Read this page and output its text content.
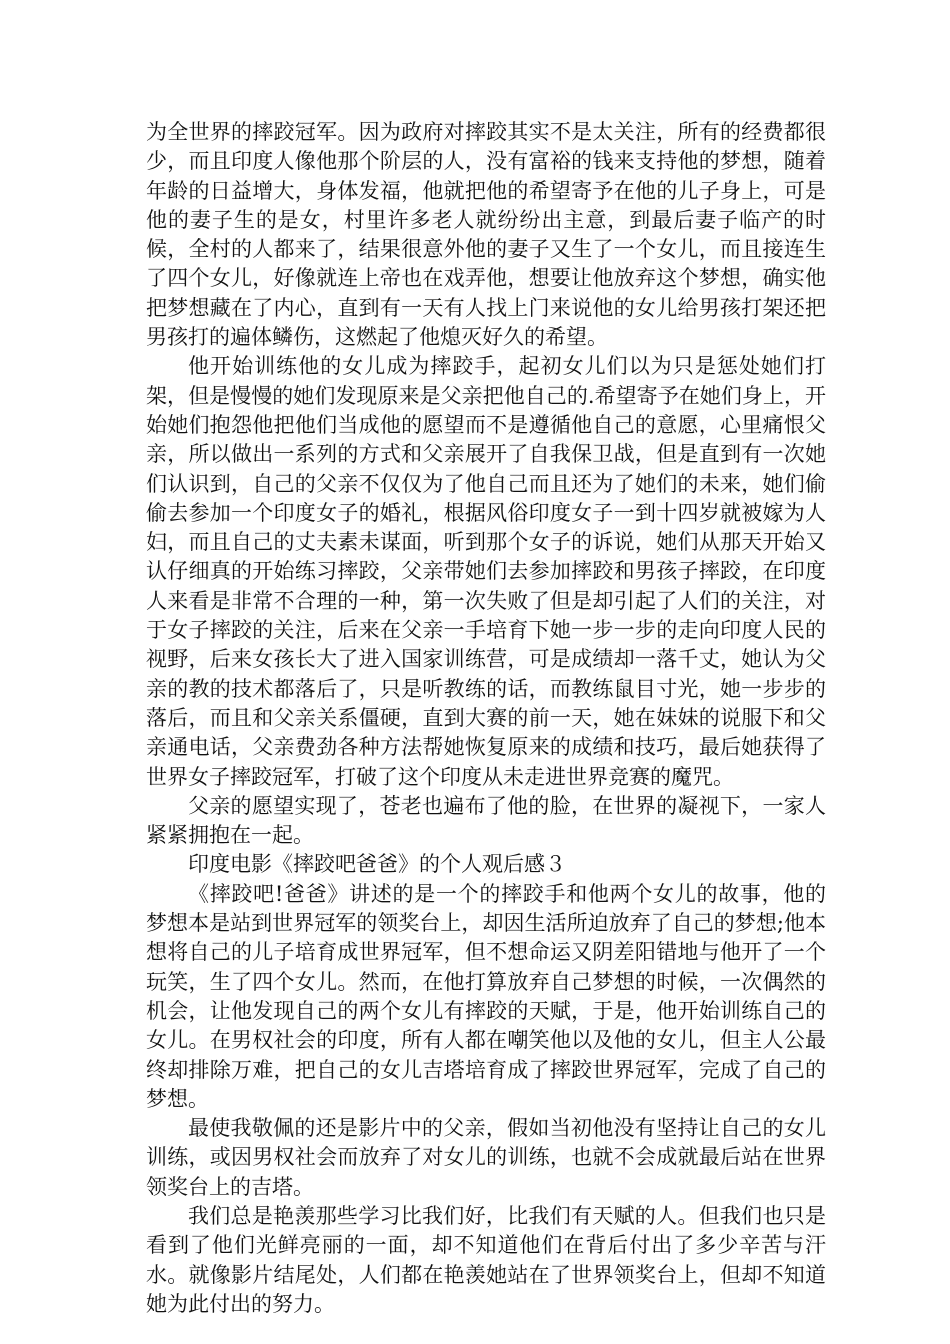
为全世界的摔跤冠军。因为政府对摔跤其实不是太关注，所有的经费都很少，而且印度人像他那个阶层的人，没有富裕的钱来支持他的梦想，随着年龄的日益增大，身体发福，他就把他的希望寄予在他的儿子身上，可是他的妻子生的是女，村里许多老人就纷纷出主意，到最后妻子临产的时候，全村的人都来了，结果很意外他的妻子又生了一个女儿，而且接连生了四个女儿，好像就连上帝也在戏弄他，想要让他放弃这个梦想，确实他把梦想藏在了内心，直到有一天有人找上门来说他的女儿给男孩打架还把男孩打的遍体鳞伤，这燃起了他熄灭好久的希望。

他开始训练他的女儿成为摔跤手，起初女儿们以为只是惩处她们打架，但是慢慢的她们发现原来是父亲把他自己的.希望寄予在她们身上，开始她们抱怨他把他们当成他的愿望而不是遵循他自己的意愿，心里痛恨父亲，所以做出一系列的方式和父亲展开了自我保卫战，但是直到有一次她们认识到，自己的父亲不仅仅为了他自己而且还为了她们的未来，她们偷偷去参加一个印度女子的婚礼，根据风俗印度女子一到十四岁就被嫁为人妇，而且自己的丈夫素未谋面，听到那个女子的诉说，她们从那天开始又认仔细真的开始练习摔跤，父亲带她们去参加摔跤和男孩子摔跤，在印度人来看是非常不合理的一种，第一次失败了但是却引起了人们的关注，对于女子摔跤的关注，后来在父亲一手培育下她一步一步的走向印度人民的视野，后来女孩长大了进入国家训练营，可是成绩却一落千丈，她认为父亲的教的技术都落后了，只是听教练的话，而教练鼠目寸光，她一步步的落后，而且和父亲关系僵硬，直到大赛的前一天，她在妹妹的说服下和父亲通电话，父亲费劲各种方法帮她恢复原来的成绩和技巧，最后她获得了世界女子摔跤冠军，打破了这个印度从未走进世界竞赛的魔咒。

父亲的愿望实现了，苍老也遍布了他的脸，在世界的凝视下，一家人紧紧拥抱在一起。

印度电影《摔跤吧爸爸》的个人观后感３

《摔跤吧!爸爸》讲述的是一个的摔跤手和他两个女儿的故事，他的梦想本是站到世界冠军的领奖台上，却因生活所迫放弃了自己的梦想;他本想将自己的儿子培育成世界冠军，但不想命运又阴差阳错地与他开了一个玩笑，生了四个女儿。然而，在他打算放弃自己梦想的时候，一次偶然的机会，让他发现自己的两个女儿有摔跤的天赋，于是，他开始训练自己的女儿。在男权社会的印度，所有人都在嘲笑他以及他的女儿，但主人公最终却排除万难，把自己的女儿吉塔培育成了摔跤世界冠军，完成了自己的梦想。

最使我敬佩的还是影片中的父亲，假如当初他没有坚持让自己的女儿训练，或因男权社会而放弃了对女儿的训练，也就不会成就最后站在世界领奖台上的吉塔。

我们总是艳羡那些学习比我们好，比我们有天赋的人。但我们也只是看到了他们光鲜亮丽的一面，却不知道他们在背后付出了多少辛苦与汗水。就像影片结尾处，人们都在艳羡她站在了世界领奖台上，但却不知道她为此付出的努力。
